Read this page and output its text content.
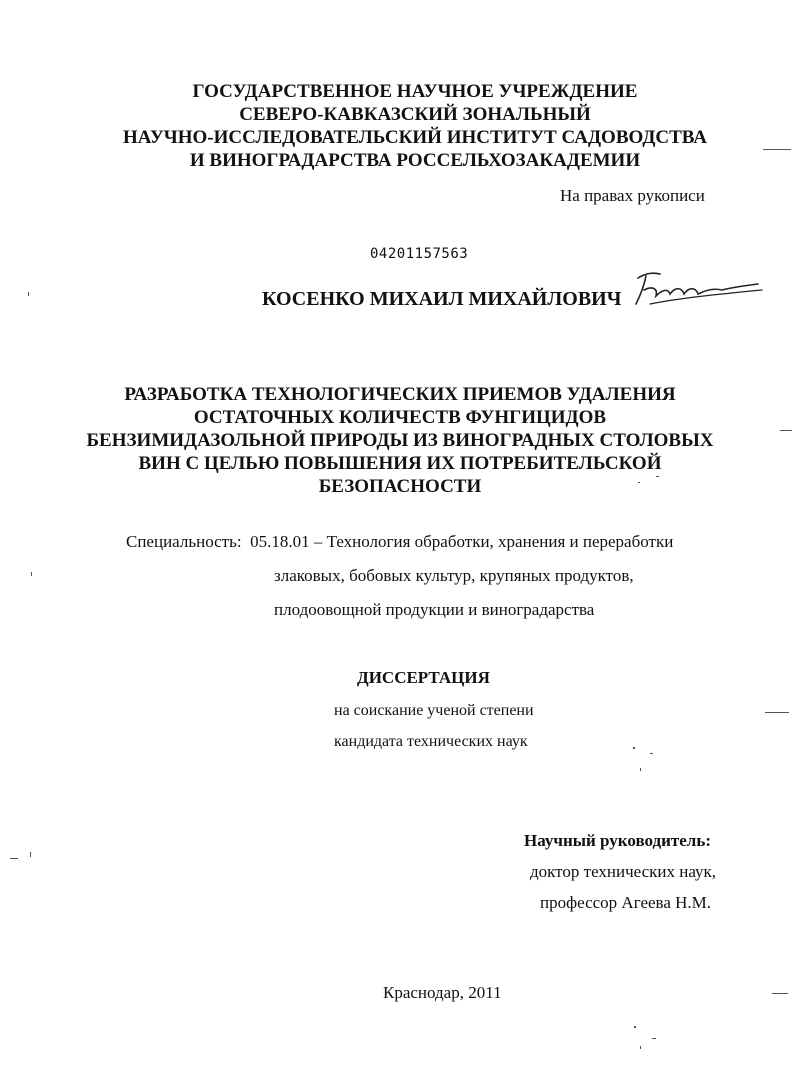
ГОСУДАРСТВЕННОЕ НАУЧНОЕ УЧРЕЖДЕНИЕ
СЕВЕРО-КАВКАЗСКИЙ ЗОНАЛЬНЫЙ
НАУЧНО-ИССЛЕДОВАТЕЛЬСКИЙ ИНСТИТУТ САДОВОДСТВА
И ВИНОГРАДАРСТВА РОССЕЛЬХОЗАКАДЕМИИ
На правах рукописи
04201157563
КОСЕНКО МИХАИЛ МИХАЙЛОВИЧ
РАЗРАБОТКА ТЕХНОЛОГИЧЕСКИХ ПРИЕМОВ УДАЛЕНИЯ
ОСТАТОЧНЫХ КОЛИЧЕСТВ ФУНГИЦИДОВ
БЕНЗИМИДАЗОЛЬНОЙ ПРИРОДЫ ИЗ ВИНОГРАДНЫХ СТОЛОВЫХ
ВИН С ЦЕЛЬЮ ПОВЫШЕНИЯ ИХ ПОТРЕБИТЕЛЬСКОЙ
БЕЗОПАСНОСТИ
Специальность: 05.18.01 – Технология обработки, хранения и переработки
злаковых, бобовых культур, крупяных продуктов,
плодоовощной продукции и виноградарства
ДИССЕРТАЦИЯ
на соискание ученой степени
кандидата технических наук
Научный руководитель:
доктор технических наук,
профессор Агеева Н.М.
Краснодар, 2011
